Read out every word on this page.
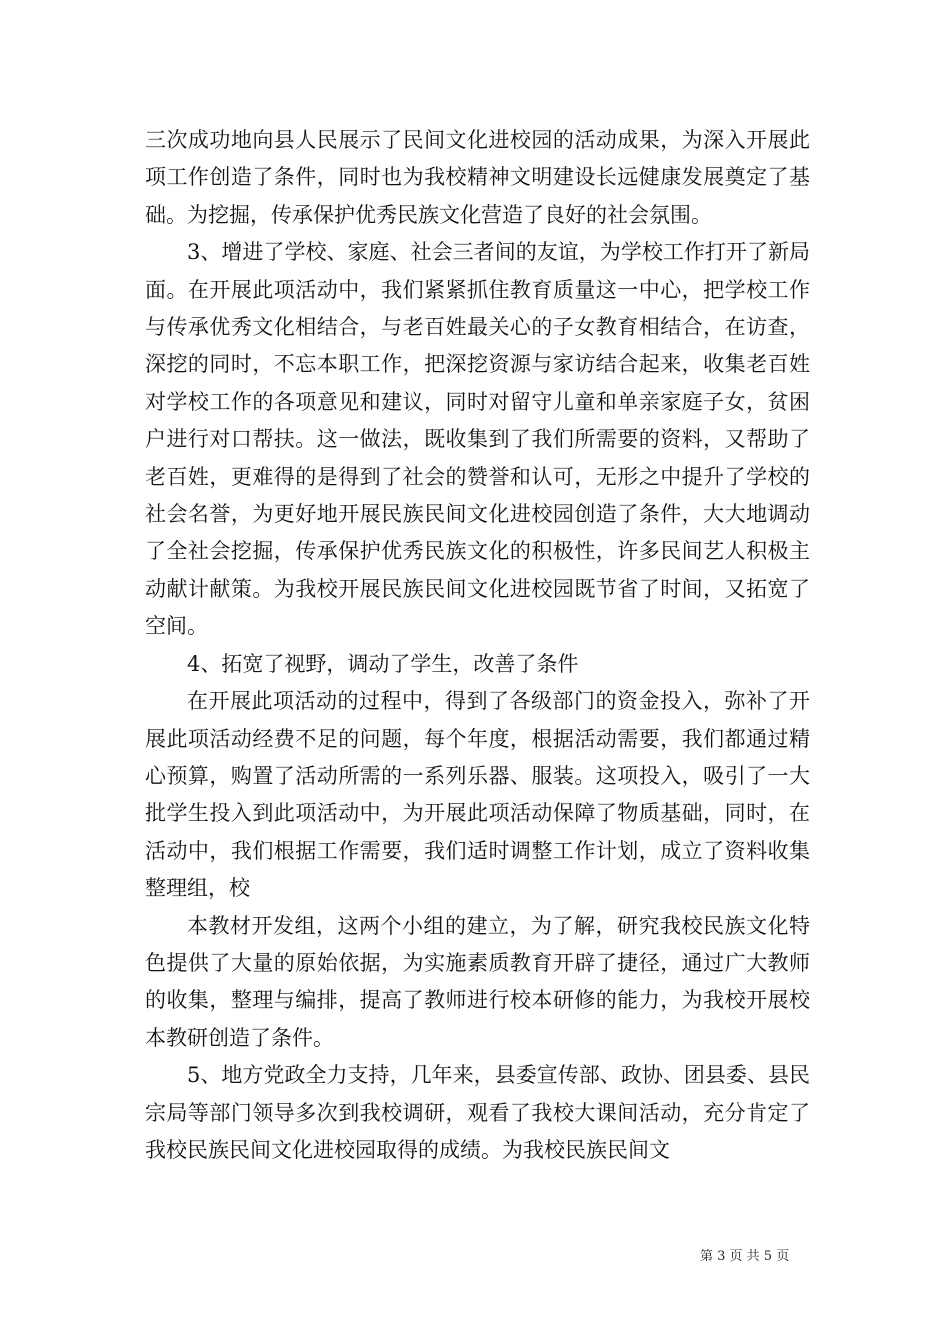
三次成功地向县人民展示了民间文化进校园的活动成果，为深入开展此项工作创造了条件，同时也为我校精神文明建设长远健康发展奠定了基础。为挖掘，传承保护优秀民族文化营造了良好的社会氛围。

3、增进了学校、家庭、社会三者间的友谊，为学校工作打开了新局面。在开展此项活动中，我们紧紧抓住教育质量这一中心，把学校工作与传承优秀文化相结合，与老百姓最关心的子女教育相结合，在访查，深挖的同时，不忘本职工作，把深挖资源与家访结合起来，收集老百姓对学校工作的各项意见和建议，同时对留守儿童和单亲家庭子女，贫困户进行对口帮扶。这一做法，既收集到了我们所需要的资料，又帮助了老百姓，更难得的是得到了社会的赞誉和认可，无形之中提升了学校的社会名誉，为更好地开展民族民间文化进校园创造了条件，大大地调动了全社会挖掘，传承保护优秀民族文化的积极性，许多民间艺人积极主动献计献策。为我校开展民族民间文化进校园既节省了时间，又拓宽了空间。

4、拓宽了视野，调动了学生，改善了条件

在开展此项活动的过程中，得到了各级部门的资金投入，弥补了开展此项活动经费不足的问题，每个年度，根据活动需要，我们都通过精心预算，购置了活动所需的一系列乐器、服装。这项投入，吸引了一大批学生投入到此项活动中，为开展此项活动保障了物质基础，同时，在活动中，我们根据工作需要，我们适时调整工作计划，成立了资料收集整理组，校

本教材开发组，这两个小组的建立，为了解，研究我校民族文化特色提供了大量的原始依据，为实施素质教育开辟了捷径，通过广大教师的收集，整理与编排，提高了教师进行校本研修的能力，为我校开展校本教研创造了条件。

5、地方党政全力支持，几年来，县委宣传部、政协、团县委、县民宗局等部门领导多次到我校调研，观看了我校大课间活动，充分肯定了我校民族民间文化进校园取得的成绩。为我校民族民间文

第 3 页 共 5 页
